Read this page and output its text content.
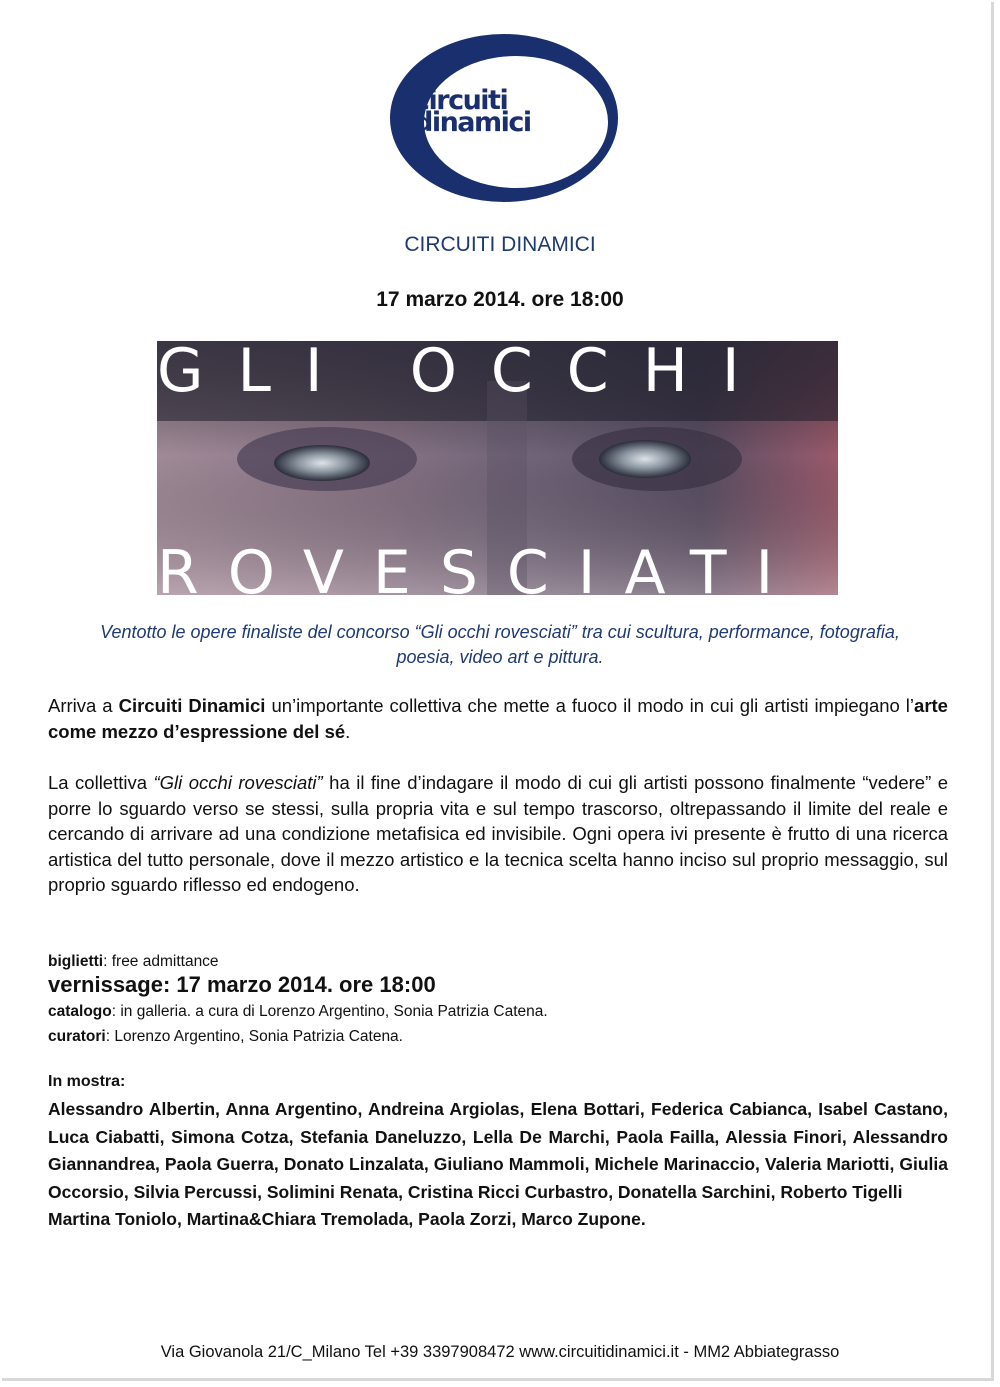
circuiti
dinamici
CIRCUITI DINAMICI
17 marzo 2014. ore 18:00
GLI OCCHI
ROVESCIATI
Ventotto le opere finaliste del concorso “Gli occhi rovesciati” tra cui scultura, performance, fotografia, poesia, video art e pittura.
Arriva a Circuiti Dinamici un’importante collettiva che mette a fuoco il modo in cui gli artisti impiegano l’arte come mezzo d’espressione del sé.
La collettiva “Gli occhi rovesciati” ha il fine d’indagare il modo di cui gli artisti possono finalmente “vedere” e porre lo sguardo verso se stessi, sulla propria vita e sul tempo trascorso, oltrepassando il limite del reale e cercando di arrivare ad una condizione metafisica ed invisibile. Ogni opera ivi presente è frutto di una ricerca artistica del tutto personale, dove il mezzo artistico e la tecnica scelta hanno inciso sul proprio messaggio, sul proprio sguardo riflesso ed endogeno.
biglietti: free admittance
vernissage: 17 marzo 2014. ore 18:00
catalogo: in galleria. a cura di Lorenzo Argentino, Sonia Patrizia Catena.
curatori: Lorenzo Argentino, Sonia Patrizia Catena.
In mostra:
Alessandro Albertin, Anna Argentino, Andreina Argiolas, Elena Bottari, Federica Cabianca, Isabel Castano, Luca Ciabatti, Simona Cotza, Stefania Daneluzzo, Lella De Marchi, Paola Failla, Alessia Finori, Alessandro Giannandrea, Paola Guerra, Donato Linzalata, Giuliano Mammoli, Michele Marinaccio, Valeria Mariotti, Giulia Occorsio, Silvia Percussi, Solimini Renata, Cristina Ricci Curbastro, Donatella Sarchini, Roberto Tigelli
Martina Toniolo, Martina&Chiara Tremolada, Paola Zorzi, Marco Zupone.
Via Giovanola 21/C_Milano Tel +39 3397908472 www.circuitidinamici.it - MM2 Abbiategrasso
